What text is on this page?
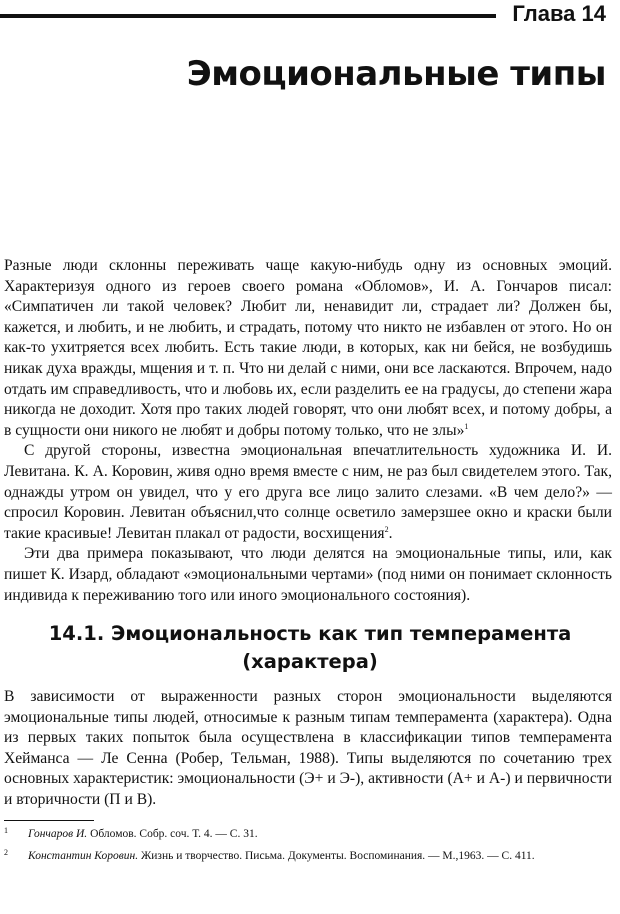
Глава 14
Эмоциональные типы

Разные люди склонны переживать чаще какую-нибудь одну из основных эмоций. Характеризуя одного из героев своего романа «Обломов», И. А. Гончаров писал: «Симпатичен ли такой человек? Любит ли, ненавидит ли, страдает ли? Должен бы, кажется, и любить, и не любить, и страдать, потому что никто не избавлен от этого. Но он как-то ухитряется всех любить. Есть такие люди, в которых, как ни бейся, не возбудишь никак духа вражды, мщения и т. п. Что ни делай с ними, они все ласкаются. Впрочем, надо отдать им справедливость, что и любовь их, если разделить ее на градусы, до степени жара никогда не доходит. Хотя про таких людей говорят, что они любят всех, и потому добры, а в сущности они никого не любят и добры потому только, что не злы»$^1$

С другой стороны, известна эмоциональная впечатлительность художника И. И. Левитана. К. А. Коровин, живя одно время вместе с ним, не раз был свидетелем этого. Так, однажды утром он увидел, что у его друга все лицо залито слезами. «В чем дело?» — спросил Коровин. Левитан объяснил,что солнце осветило замерзшее окно и краски были такие красивые! Левитан плакал от радости, восхищения$^2$.

Эти два примера показывают, что люди делятся на эмоциональные типы, или, как пишет К. Изард, обладают «эмоциональными чертами» (под ними он понимает склонность индивида к переживанию того или иного эмоционального состояния).

14.1. Эмоциональность как тип темперамента
(характера)

В зависимости от выраженности разных сторон эмоциональности выделяются эмоциональные типы людей, относимые к разным типам темперамента (характера). Одна из первых таких попыток была осуществлена в классификации типов темперамента Хейманса — Ле Сенна (Робер, Тельман, 1988). Типы выделяются по сочетанию трех основных характеристик: эмоциональности (Э+ и Э-), активности (А+ и А-) и первичности и вторичности (П и В).

1 Гончаров И. Обломов. Собр. соч. Т. 4. — С. 31.
2 Константин Коровин. Жизнь и творчество. Письма. Документы. Воспоминания. — М.,1963. — С. 411.
